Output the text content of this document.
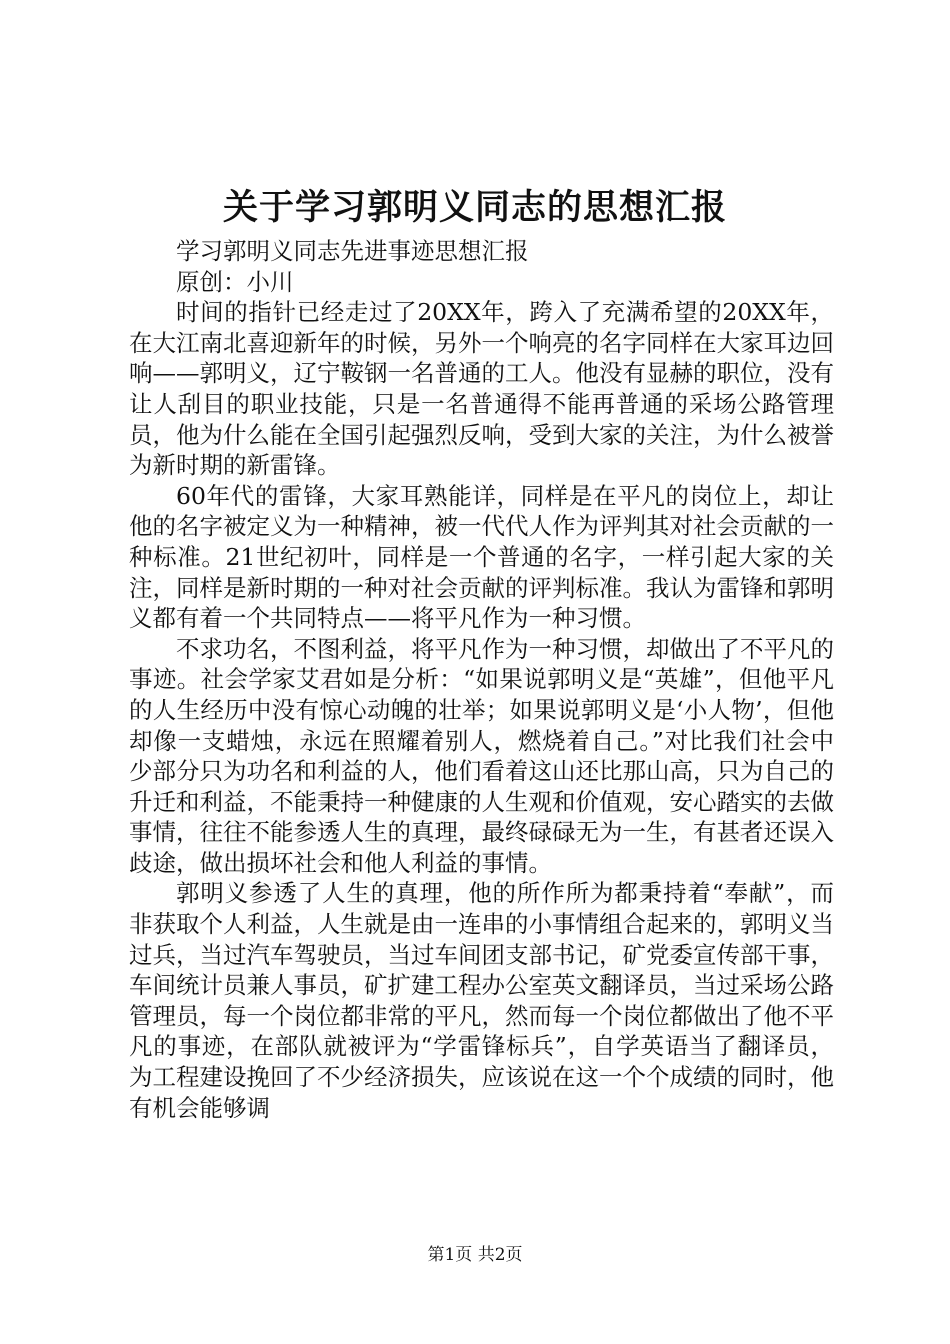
关于学习郭明义同志的思想汇报

学习郭明义同志先进事迹思想汇报

原创：小川

时间的指针已经走过了20XX年，跨入了充满希望的20XX年，在大江南北喜迎新年的时候，另外一个响亮的名字同样在大家耳边回响——郭明义，辽宁鞍钢一名普通的工人。他没有显赫的职位，没有让人刮目的职业技能，只是一名普通得不能再普通的采场公路管理员，他为什么能在全国引起强烈反响，受到大家的关注，为什么被誉为新时期的新雷锋。

60年代的雷锋，大家耳熟能详，同样是在平凡的岗位上，却让他的名字被定义为一种精神，被一代代人作为评判其对社会贡献的一种标准。21世纪初叶，同样是一个普通的名字，一样引起大家的关注，同样是新时期的一种对社会贡献的评判标准。我认为雷锋和郭明义都有着一个共同特点——将平凡作为一种习惯。

不求功名，不图利益，将平凡作为一种习惯，却做出了不平凡的事迹。社会学家艾君如是分析：“如果说郭明义是“英雄”，但他平凡的人生经历中没有惊心动魄的壮举；如果说郭明义是‘小人物’，但他却像一支蜡烛，永远在照耀着别人，燃烧着自己。”对比我们社会中少部分只为功名和利益的人，他们看着这山还比那山高，只为自己的升迁和利益，不能秉持一种健康的人生观和价值观，安心踏实的去做事情，往往不能参透人生的真理，最终碌碌无为一生，有甚者还误入歧途，做出损坏社会和他人利益的事情。

郭明义参透了人生的真理，他的所作所为都秉持着“奉献”，而非获取个人利益，人生就是由一连串的小事情组合起来的，郭明义当过兵，当过汽车驾驶员，当过车间团支部书记，矿党委宣传部干事，车间统计员兼人事员，矿扩建工程办公室英文翻译员，当过采场公路管理员，每一个岗位都非常的平凡，然而每一个岗位都做出了他不平凡的事迹，在部队就被评为“学雷锋标兵”，自学英语当了翻译员，为工程建设挽回了不少经济损失，应该说在这一个个成绩的同时，他有机会能够调

第1页 共2页
